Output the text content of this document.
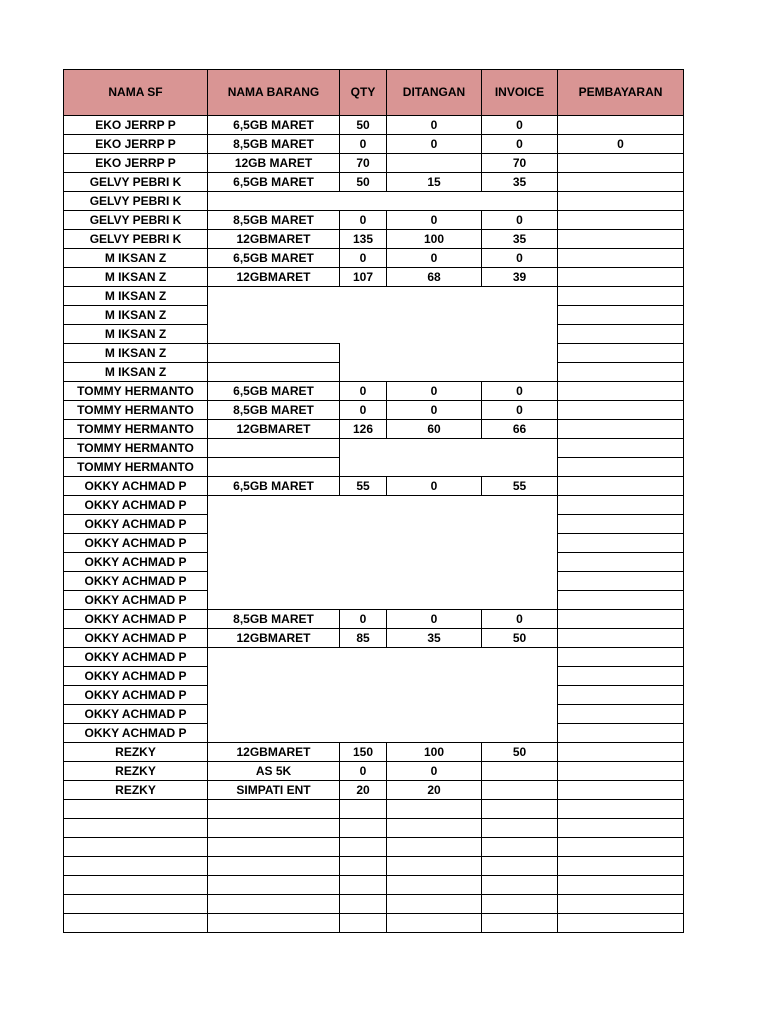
NAMA SF	NAMA BARANG	QTY	DITANGAN	INVOICE	PEMBAYARAN
EKO JERRP P	6,5GB MARET	50	0	0	
EKO JERRP P	8,5GB MARET	0	0	0	0
EKO JERRP P	12GB MARET	70		70	
GELVY PEBRI K	6,5GB MARET	50	15	35	
GELVY PEBRI K					
GELVY PEBRI K	8,5GB MARET	0	0	0	
GELVY PEBRI K	12GBMARET	135	100	35	
M IKSAN Z	6,5GB MARET	0	0	0	
M IKSAN Z	12GBMARET	107	68	39	
M IKSAN Z					
M IKSAN Z					
M IKSAN Z					
M IKSAN Z					
M IKSAN Z					
TOMMY HERMANTO	6,5GB MARET	0	0	0	
TOMMY HERMANTO	8,5GB MARET	0	0	0	
TOMMY HERMANTO	12GBMARET	126	60	66	
TOMMY HERMANTO					
TOMMY HERMANTO					
OKKY ACHMAD P	6,5GB MARET	55	0	55	
OKKY ACHMAD P					
OKKY ACHMAD P					
OKKY ACHMAD P					
OKKY ACHMAD P					
OKKY ACHMAD P					
OKKY ACHMAD P					
OKKY ACHMAD P	8,5GB MARET	0	0	0	
OKKY ACHMAD P	12GBMARET	85	35	50	
OKKY ACHMAD P					
OKKY ACHMAD P					
OKKY ACHMAD P					
OKKY ACHMAD P					
OKKY ACHMAD P					
REZKY	12GBMARET	150	100	50	
REZKY	AS 5K	0	0		
REZKY	SIMPATI ENT	20	20		
